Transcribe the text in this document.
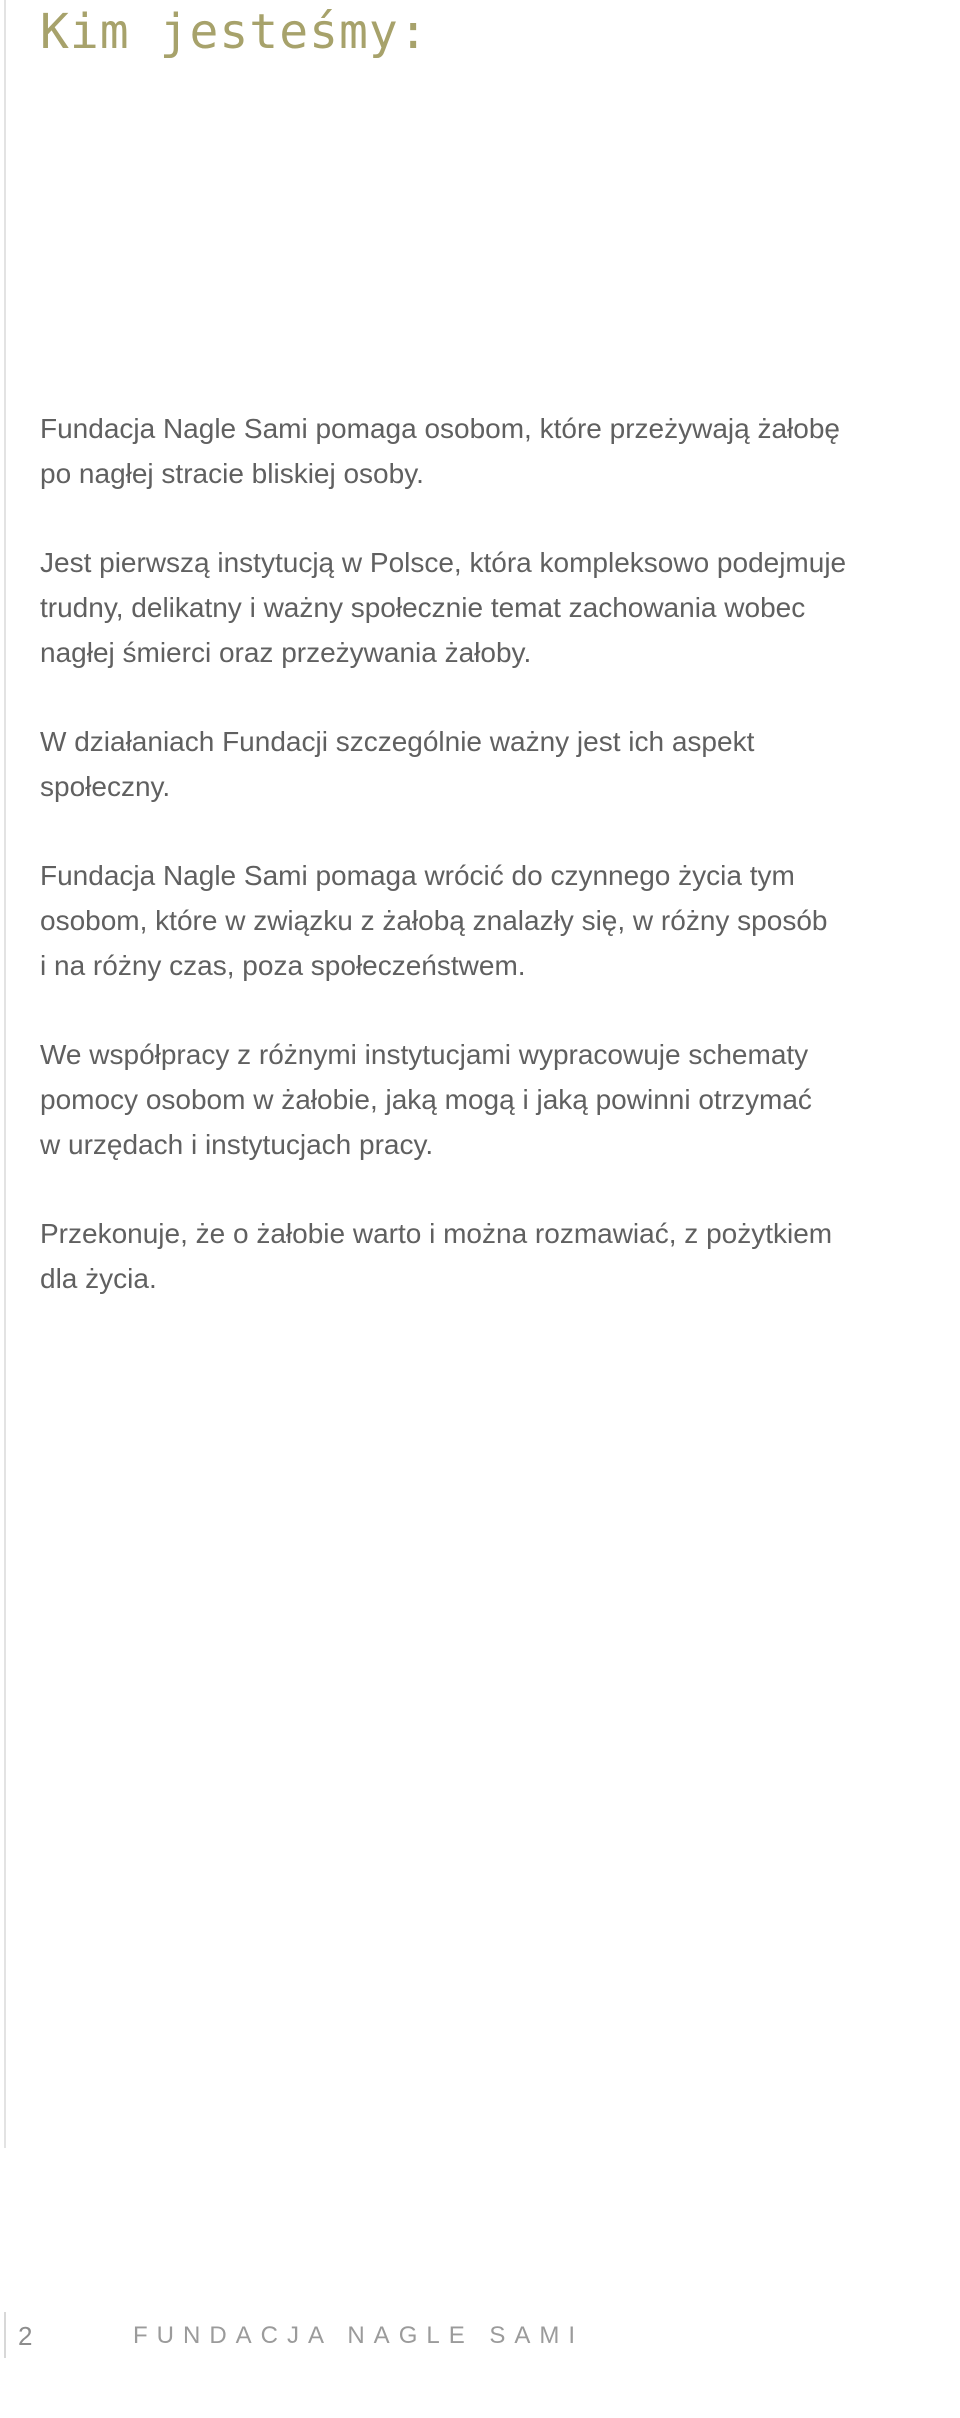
Kim jesteśmy:

Fundacja Nagle Sami pomaga osobom, które przeżywają żałobę
po nagłej stracie bliskiej osoby.

Jest pierwszą instytucją w Polsce, która kompleksowo podejmuje
trudny, delikatny i ważny społecznie temat zachowania wobec
nagłej śmierci oraz przeżywania żałoby.

W działaniach Fundacji szczególnie ważny jest ich aspekt
społeczny.

Fundacja Nagle Sami pomaga wrócić do czynnego życia tym
osobom, które w związku z żałobą znalazły się, w różny sposób
i na różny czas, poza społeczeństwem.

We współpracy z różnymi instytucjami wypracowuje schematy
pomocy osobom w żałobie, jaką mogą i jaką powinni otrzymać
w urzędach i instytucjach pracy.

Przekonuje, że o żałobie warto i można rozmawiać, z pożytkiem
dla życia.

2	FUNDACJA NAGLE SAMI
